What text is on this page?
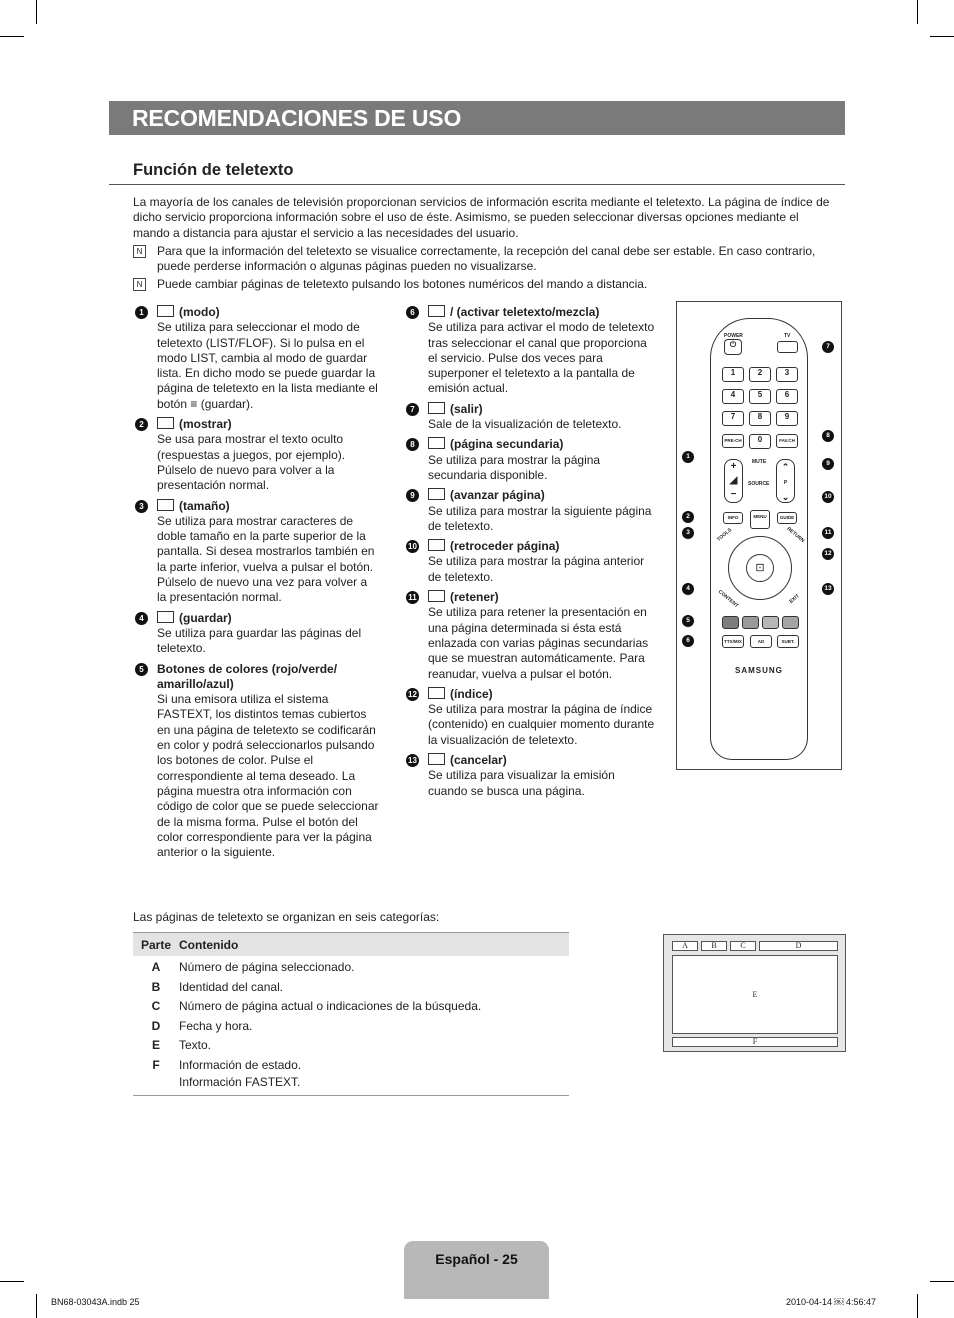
RECOMENDACIONES DE USO
Función de teletexto

La mayoría de los canales de televisión proporcionan servicios de información escrita mediante el teletexto. La página de índice de dicho servicio proporciona información sobre el uso de éste. Asimismo, se pueden seleccionar diversas opciones mediante el mando a distancia para ajustar el servicio a las necesidades del usuario.

N	Para que la información del teletexto se visualice correctamente, la recepción del canal debe ser estable. En caso contrario, puede perderse información o algunas páginas pueden no visualizarse.
N	Puede cambiar páginas de teletexto pulsando los botones numéricos del mando a distancia.
1	(modo)
Se utiliza para seleccionar el modo de teletexto (LIST/FLOF). Si lo pulsa en el modo LIST, cambia al modo de guardar lista. En dicho modo se puede guardar la página de teletexto en la lista mediante el botón ≡ (guardar).
2	(mostrar)
Se usa para mostrar el texto oculto (respuestas a juegos, por ejemplo). Púlselo de nuevo para volver a la presentación normal.
3	(tamaño)
Se utiliza para mostrar caracteres de doble tamaño en la parte superior de la pantalla. Si desea mostrarlos también en la parte inferior, vuelva a pulsar el botón. Púlselo de nuevo una vez para volver a la presentación normal.
4	(guardar)
Se utiliza para guardar las páginas del teletexto.
5	Botones de colores (rojo/verde/ amarillo/azul)
Si una emisora utiliza el sistema FASTEXT, los distintos temas cubiertos en una página de teletexto se codificarán en color y podrá seleccionarlos pulsando los botones de color. Pulse el correspondiente al tema deseado. La página muestra otra información con código de color que se puede seleccionar de la misma forma. Pulse el botón del color correspondiente para ver la página anterior o la siguiente.
6	/ (activar teletexto/mezcla)
Se utiliza para activar el modo de teletexto tras seleccionar el canal que proporciona el servicio. Pulse dos veces para superponer el teletexto a la pantalla de emisión actual.
7	(salir)
Sale de la visualización de teletexto.
8	(página secundaria)
Se utiliza para mostrar la página secundaria disponible.
9	(avanzar página)
Se utiliza para mostrar la siguiente página de teletexto.
10	(retroceder página)
Se utiliza para mostrar la página anterior de teletexto.
11	(retener)
Se utiliza para retener la presentación en una página determinada si ésta está enlazada con varias páginas secundarias que se muestran automáticamente. Para reanudar, vuelva a pulsar el botón.
12	(índice)
Se utiliza para mostrar la página de índice (contenido) en cualquier momento durante la visualización de teletexto.
13	(cancelar)
Se utiliza para visualizar la emisión cuando se busca una página.
POWER
⏻
TV
1	2	3
4	5	6
7	8	9
PRE-CH	0	FAV.CH
+
◢
−
MUTE
SOURCE
⌃
P
⌄
INFO	MENU	GUIDE
⊡
TOOLS	RETURN
CONTENT	EXIT
TTX/MIX	AD	SUBT.
SAMSUNG
7
8
9
10
11
12
13
1
2
3
4
5
6
Las páginas de teletexto se organizan en seis categorías:
Parte	Contenido
A	Número de página seleccionado.
B	Identidad del canal.
C	Número de página actual o indicaciones de la búsqueda.
D	Fecha y hora.
E	Texto.
F	Información de estado.
	Información FASTEXT.
A	B	C	D
E
F
Español - 25
BN68-03043A.indb 25	2010-04-14 ￼ 4:56:47
